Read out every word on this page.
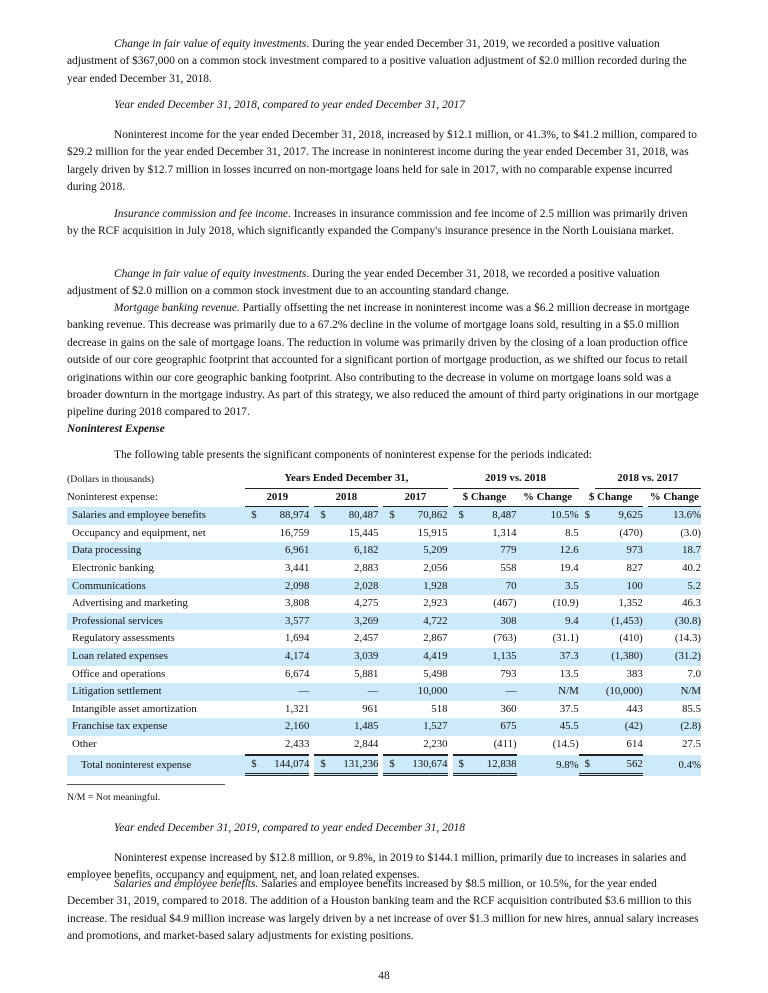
Change in fair value of equity investments. During the year ended December 31, 2019, we recorded a positive valuation adjustment of $367,000 on a common stock investment compared to a positive valuation adjustment of $2.0 million recorded during the year ended December 31, 2018.

Year ended December 31, 2018, compared to year ended December 31, 2017

Noninterest income for the year ended December 31, 2018, increased by $12.1 million, or 41.3%, to $41.2 million, compared to $29.2 million for the year ended December 31, 2017. The increase in noninterest income during the year ended December 31, 2018, was largely driven by $12.7 million in losses incurred on non-mortgage loans held for sale in 2017, with no comparable expense incurred during 2018.

Insurance commission and fee income. Increases in insurance commission and fee income of 2.5 million was primarily driven by the RCF acquisition in July 2018, which significantly expanded the Company's insurance presence in the North Louisiana market.

Change in fair value of equity investments. During the year ended December 31, 2018, we recorded a positive valuation adjustment of $2.0 million on a common stock investment due to an accounting standard change.

Mortgage banking revenue. Partially offsetting the net increase in noninterest income was a $6.2 million decrease in mortgage banking revenue. This decrease was primarily due to a 67.2% decline in the volume of mortgage loans sold, resulting in a $5.0 million decrease in gains on the sale of mortgage loans. The reduction in volume was primarily driven by the closing of a loan production office outside of our core geographic footprint that accounted for a significant portion of mortgage production, as we shifted our focus to retail originations within our core geographic banking footprint. Also contributing to the decrease in volume on mortgage loans sold was a broader downturn in the mortgage industry. As part of this strategy, we also reduced the amount of third party originations in our mortgage pipeline during 2018 compared to 2017.

Noninterest Expense

The following table presents the significant components of noninterest expense for the periods indicated:

(Dollars in thousands)	Years Ended December 31,									2019 vs. 2018				2018 vs. 2017		
Noninterest expense:	2019			2018			2017			$ Change		% Change	$ Change			% Change
Salaries and employee benefits	$	88,974		$	80,487		$	70,862		$	8,487	10.5%	$	9,625		13.6%
Occupancy and equipment, net		16,759			15,445			15,915			1,314	8.5		(470)		(3.0)
Data processing		6,961			6,182			5,209			779	12.6		973		18.7
Electronic banking		3,441			2,883			2,056			558	19.4		827		40.2
Communications		2,098			2,028			1,928			70	3.5		100		5.2
Advertising and marketing		3,808			4,275			2,923			(467)	(10.9)		1,352		46.3
Professional services		3,577			3,269			4,722			308	9.4		(1,453)		(30.8)
Regulatory assessments		1,694			2,457			2,867			(763)	(31.1)		(410)		(14.3)
Loan related expenses		4,174			3,039			4,419			1,135	37.3		(1,380)		(31.2)
Office and operations		6,674			5,881			5,498			793	13.5		383		7.0
Litigation settlement		—			—			10,000			—	N/M		(10,000)		N/M
Intangible asset amortization		1,321			961			518			360	37.5		443		85.5
Franchise tax expense		2,160			1,485			1,527			675	45.5		(42)		(2.8)
Other		2,433			2,844			2,230			(411)	(14.5)		614		27.5
Total noninterest expense	$	144,074		$	131,236		$	130,674		$	12,838	9.8%	$	562		0.4%

N/M = Not meaningful.

Year ended December 31, 2019, compared to year ended December 31, 2018

Noninterest expense increased by $12.8 million, or 9.8%, in 2019 to $144.1 million, primarily due to increases in salaries and employee benefits, occupancy and equipment, net, and loan related expenses.

Salaries and employee benefits. Salaries and employee benefits increased by $8.5 million, or 10.5%, for the year ended December 31, 2019, compared to 2018. The addition of a Houston banking team and the RCF acquisition contributed $3.6 million to this increase. The residual $4.9 million increase was largely driven by a net increase of over $1.3 million for new hires, annual salary increases and promotions, and market-based salary adjustments for existing positions.

48
